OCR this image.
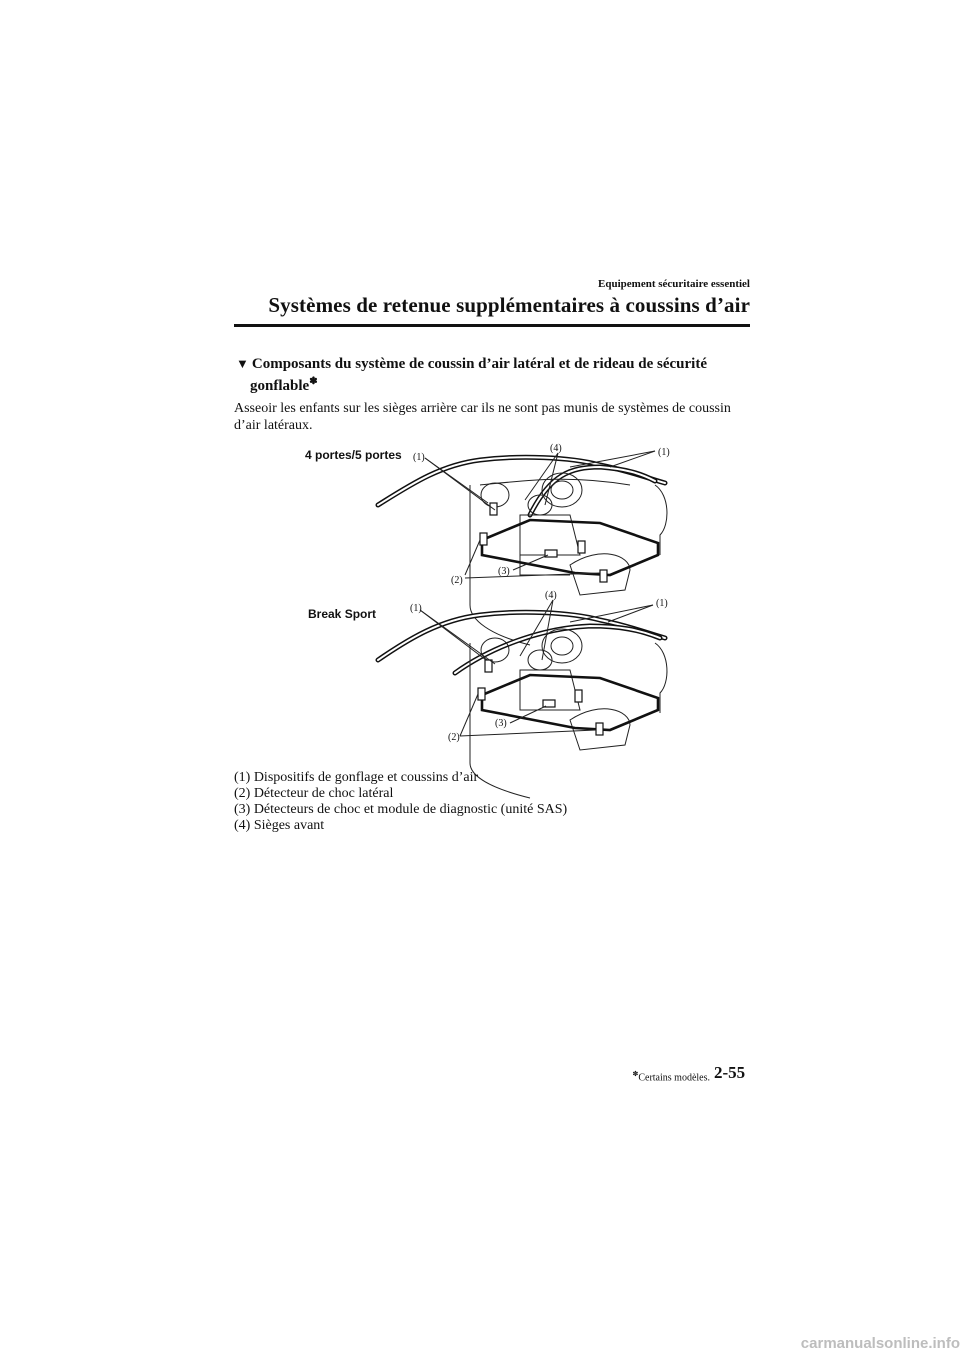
Equipement sécuritaire essentiel
Systèmes de retenue supplémentaires à coussins d’air
▼ Composants du système de coussin d’air latéral et de rideau de sécurité
gonflable✽
Asseoir les enfants sur les sièges arrière car ils ne sont pas munis de systèmes de coussin d’air latéraux.
4 portes/5 portes (1)
(4)	(1)
(2)
(3)
Break Sport	(1)
(4)
(1)
(2)
(3)
(1) Dispositifs de gonflage et coussins d’air
(2) Détecteur de choc latéral
(3) Détecteurs de choc et module de diagnostic (unité SAS)
(4) Sièges avant
✽Certains modèles. 2-55
carmanualsonline.info
